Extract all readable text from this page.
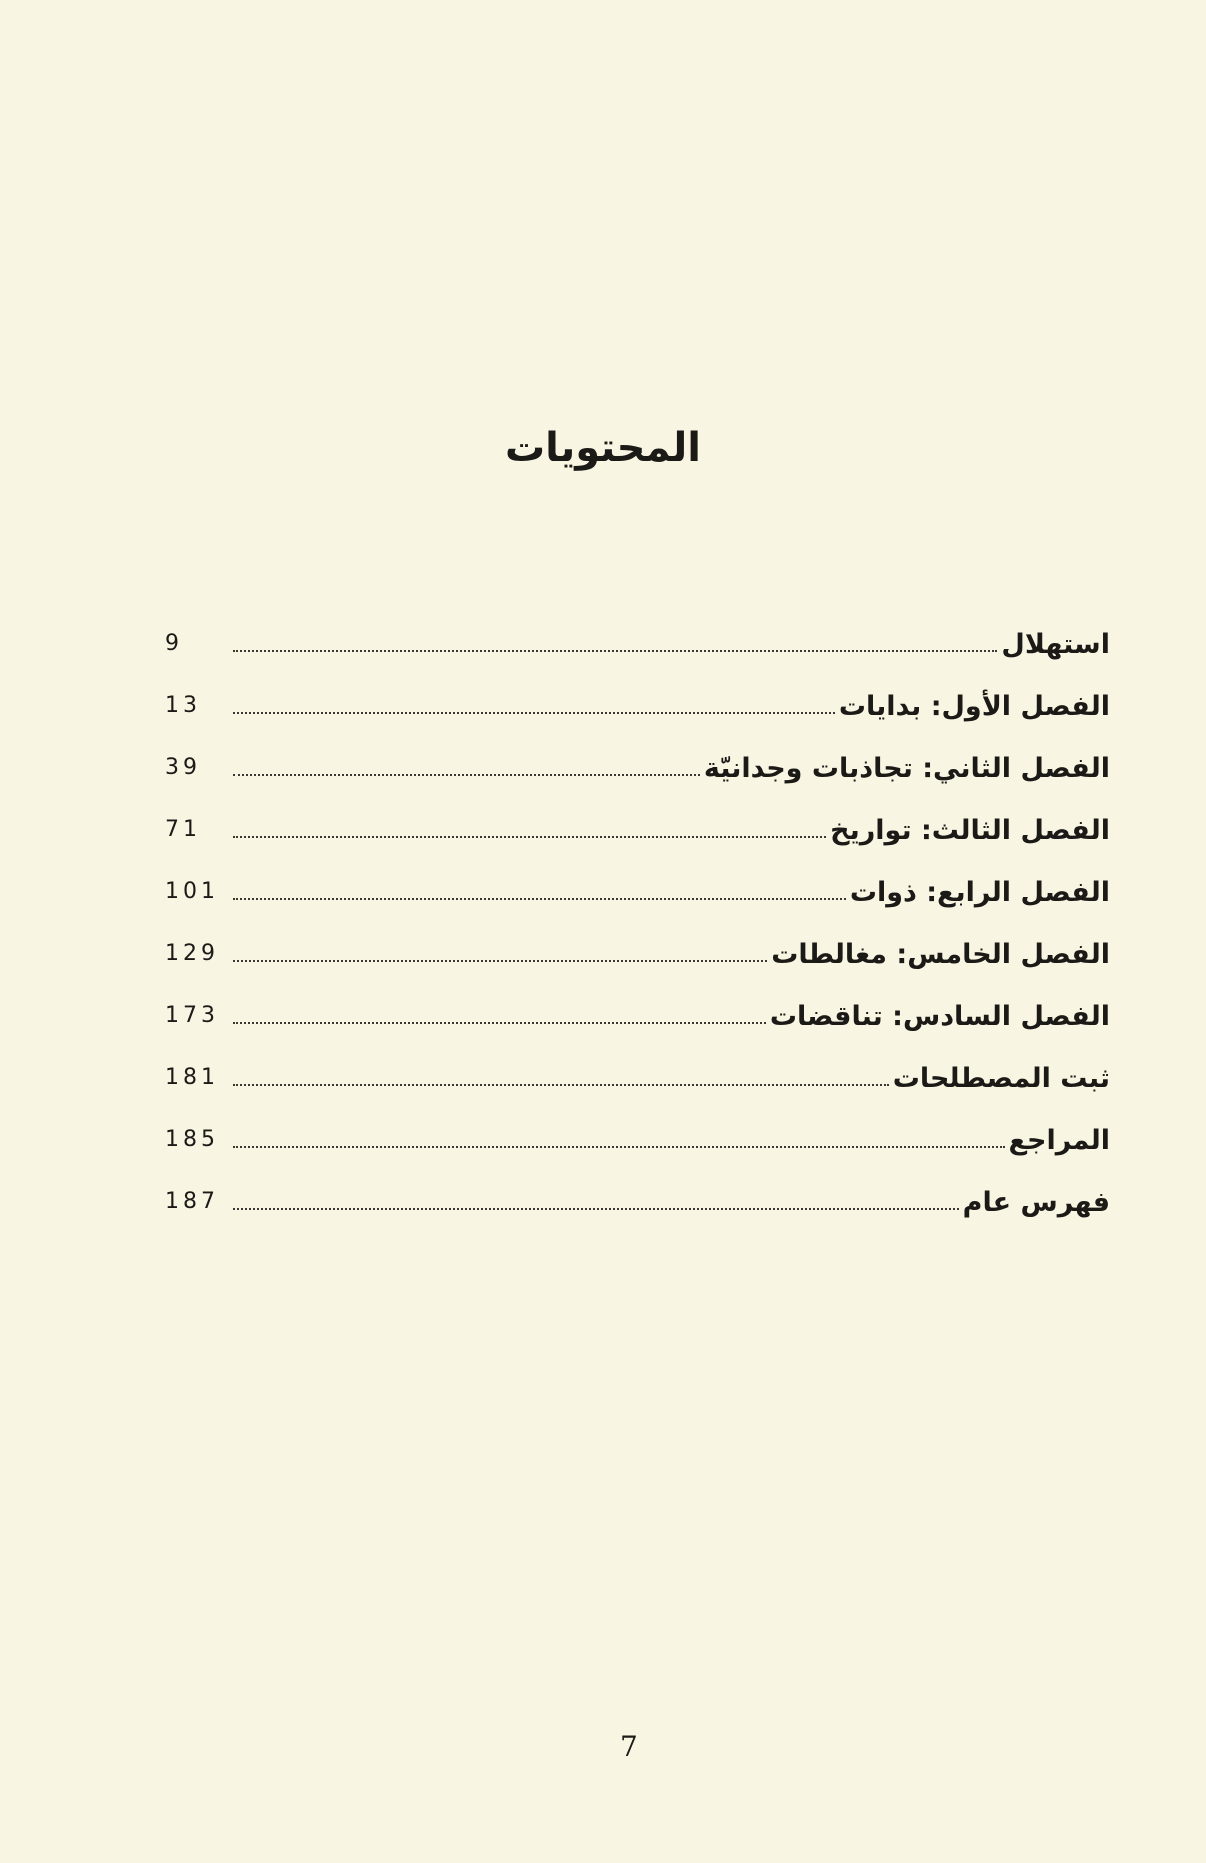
المحتويات
9	استهلال
13	الفصل الأول: بدايات
39	الفصل الثاني: تجاذبات وجدانيّة
71	الفصل الثالث: تواريخ
101	الفصل الرابع: ذوات
129	الفصل الخامس: مغالطات
173	الفصل السادس: تناقضات
181	ثبت المصطلحات
185	المراجع
187	فهرس عام
7
